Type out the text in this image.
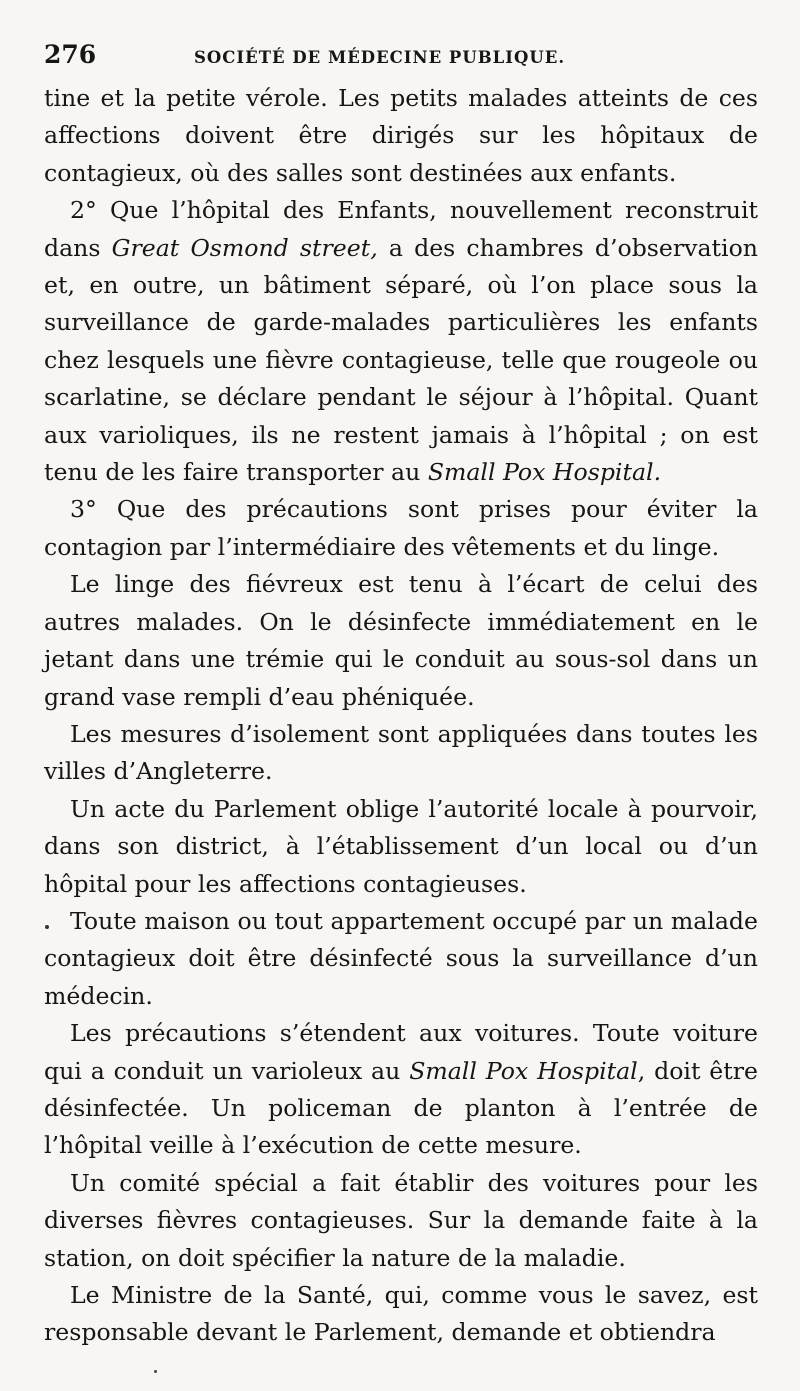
276	SOCIÉTÉ DE MÉDECINE PUBLIQUE.

tine et la petite vérole. Les petits malades atteints de ces affections doivent être dirigés sur les hôpitaux de contagieux, où des salles sont destinées aux enfants.

2° Que l’hôpital des Enfants, nouvellement reconstruit dans Great Osmond street, a des chambres d’observation et, en outre, un bâtiment séparé, où l’on place sous la surveillance de garde-malades particulières les enfants chez lesquels une fièvre contagieuse, telle que rougeole ou scarlatine, se déclare pendant le séjour à l’hôpital. Quant aux varioliques, ils ne restent jamais à l’hôpital ; on est tenu de les faire transporter au Small Pox Hospital.

3° Que des précautions sont prises pour éviter la contagion par l’intermédiaire des vêtements et du linge.

Le linge des fiévreux est tenu à l’écart de celui des autres malades. On le désinfecte immédiatement en le jetant dans une trémie qui le conduit au sous-sol dans un grand vase rempli d’eau phéniquée.

Les mesures d’isolement sont appliquées dans toutes les villes d’Angleterre.

Un acte du Parlement oblige l’autorité locale à pourvoir, dans son district, à l’établissement d’un local ou d’un hôpital pour les affections contagieuses.

Toute maison ou tout appartement occupé par un malade contagieux doit être désinfecté sous la surveillance d’un médecin.

Les précautions s’étendent aux voitures. Toute voiture qui a conduit un varioleux au Small Pox Hospital, doit être désinfectée. Un policeman de planton à l’entrée de l’hôpital veille à l’exécution de cette mesure.

Un comité spécial a fait établir des voitures pour les diverses fièvres contagieuses. Sur la demande faite à la station, on doit spécifier la nature de la maladie.

Le Ministre de la Santé, qui, comme vous le savez, est responsable devant le Parlement, demande et obtiendra
